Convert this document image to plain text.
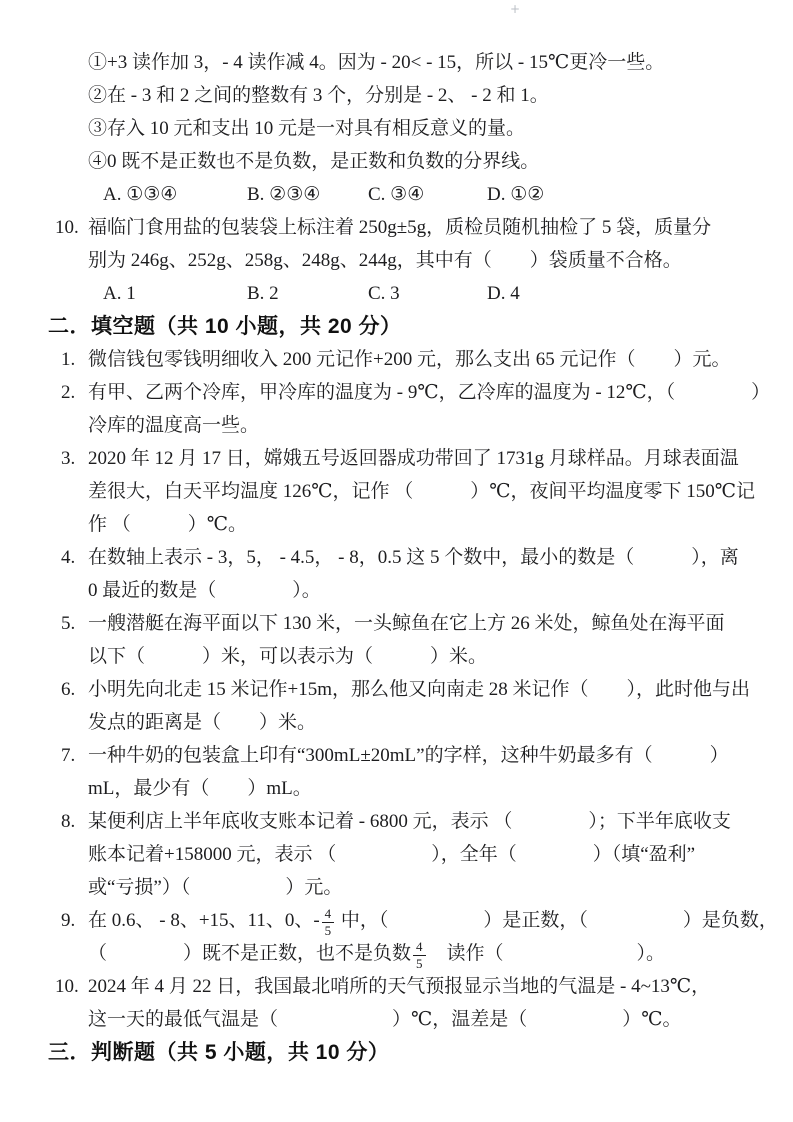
+
①+3 读作加 3，- 4 读作减 4。因为 - 20< - 15，所以 - 15℃更冷一些。
②在 - 3 和 2 之间的整数有 3 个，分别是 - 2、 - 2 和 1。
③存入 10 元和支出 10 元是一对具有相反意义的量。
④0 既不是正数也不是负数，是正数和负数的分界线。
A. ①③④	B. ②③④	C. ③④	D. ①②
10. 福临门食用盐的包装袋上标注着 250g±5g，质检员随机抽检了 5 袋，质量分
别为 246g、252g、258g、248g、244g，其中有（　　）袋质量不合格。
A. 1	B. 2	C. 3	D. 4
二．填空题（共 10 小题，共 20 分）
1. 微信钱包零钱明细收入 200 元记作+200 元，那么支出 65 元记作（　　）元。
2. 有甲、乙两个冷库，甲冷库的温度为 - 9℃，乙冷库的温度为 - 12℃，（　　　　）
冷库的温度高一些。
3. 2020 年 12 月 17 日，嫦娥五号返回器成功带回了 1731g 月球样品。月球表面温
差很大，白天平均温度 126℃，记作 （　　　）℃，夜间平均温度零下 150℃记
作 （　　　）℃。
4. 在数轴上表示 - 3，5， - 4.5， - 8，0.5 这 5 个数中，最小的数是（　　　），离
0 最近的数是（　　　　）。
5. 一艘潜艇在海平面以下 130 米，一头鲸鱼在它上方 26 米处，鲸鱼处在海平面
以下（　　　）米，可以表示为（　　　）米。
6. 小明先向北走 15 米记作+15m，那么他又向南走 28 米记作（　　），此时他与出
发点的距离是（　　）米。
7. 一种牛奶的包装盒上印有“300mL±20mL”的字样，这种牛奶最多有（　　　）
mL，最少有（　　）mL。
8. 某便利店上半年底收支账本记着 - 6800 元，表示 （　　　　）；下半年底收支
账本记着+158000 元，表示 （　　　　　），全年（　　　　）（填“盈利”
或“亏损”）（　　　　　）元。
9. 在 0.6、 - 8、+15、11、0、- $\frac{4}{5}$ 中，（　　　　　）是正数，（　　　　　）是负数，
（　　　　）既不是正数，也不是负数 $\frac{4}{5}$ 　读作（　　　　　　　）。
10. 2024 年 4 月 22 日，我国最北哨所的天气预报显示当地的气温是 - 4~13℃，
这一天的最低气温是（　　　　　　）℃，温差是（　　　　　）℃。
三．判断题（共 5 小题，共 10 分）
